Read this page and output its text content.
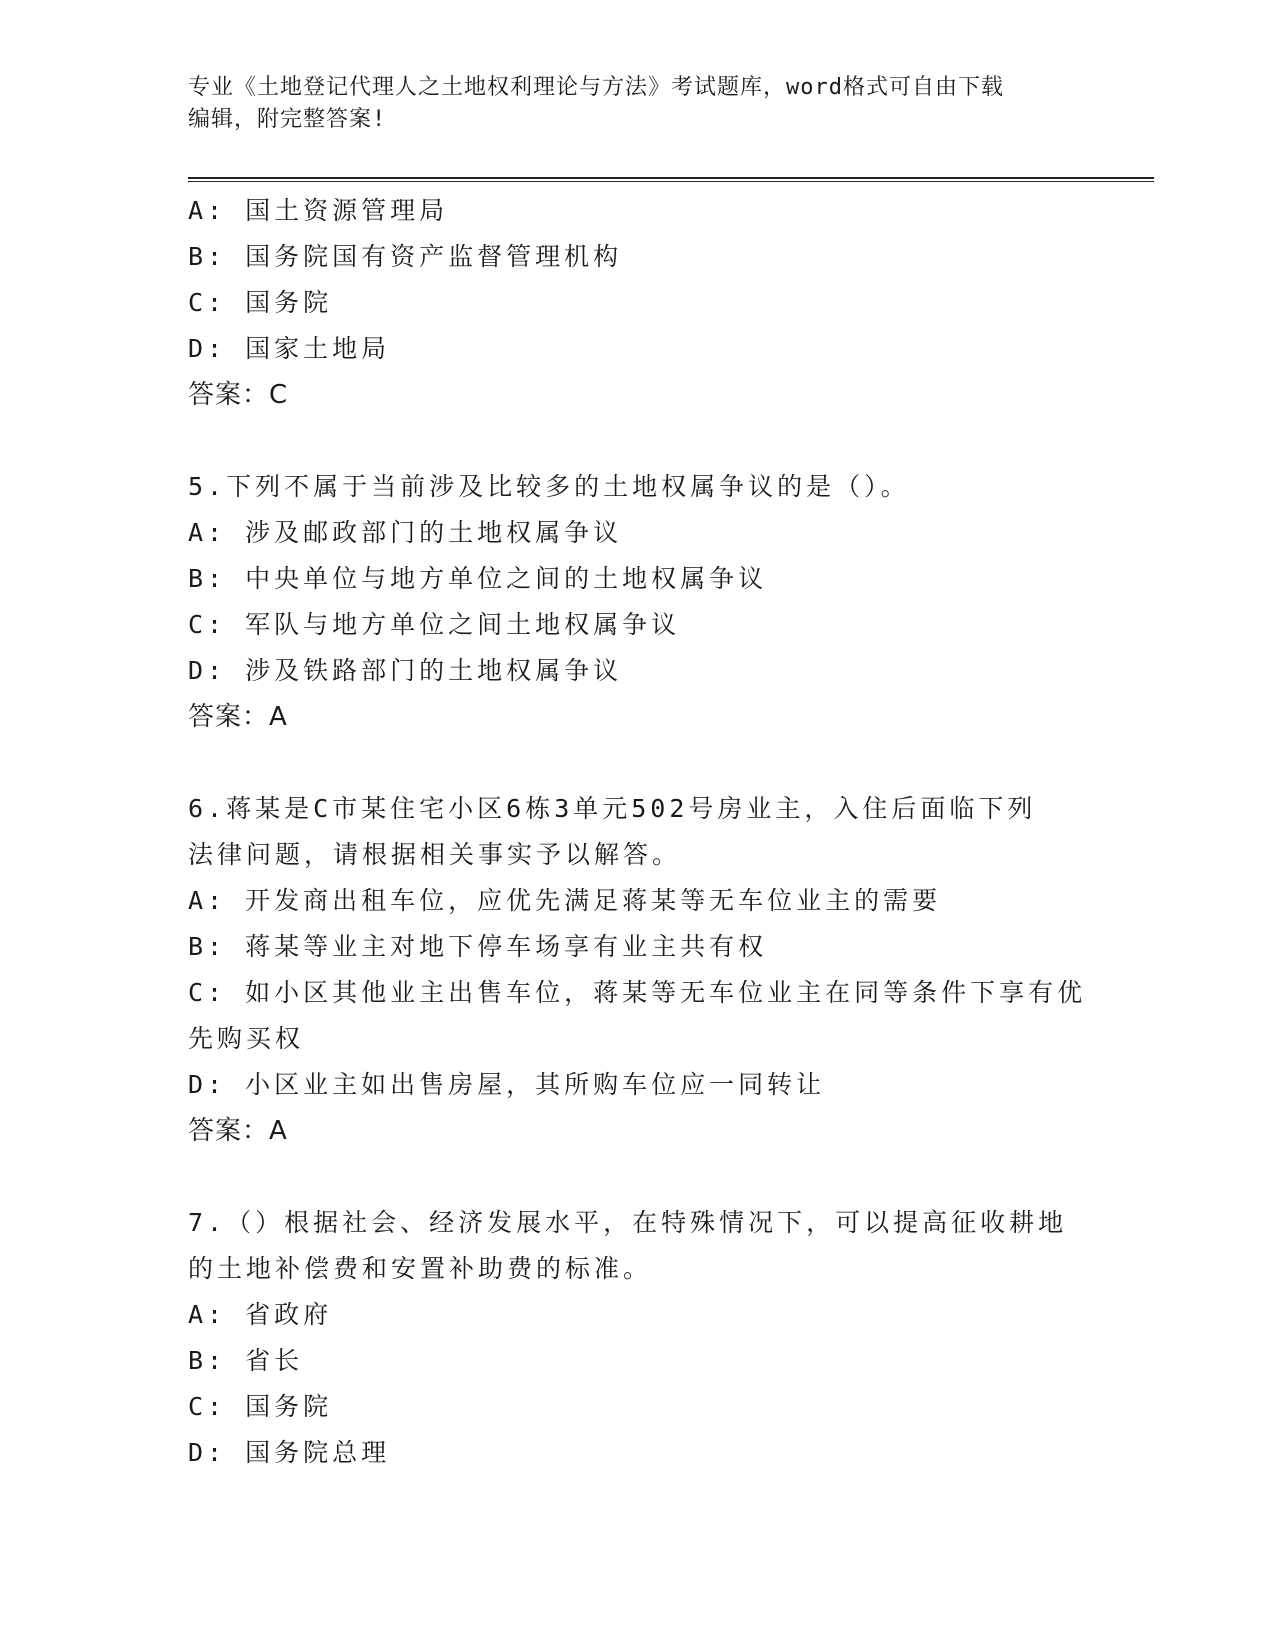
专业《土地登记代理人之土地权利理论与方法》考试题库，word格式可自由下载
编辑，附完整答案!
A: 国土资源管理局
B: 国务院国有资产监督管理机构
C: 国务院
D: 国家土地局
答案：C
5.下列不属于当前涉及比较多的土地权属争议的是（）。
A: 涉及邮政部门的土地权属争议
B: 中央单位与地方单位之间的土地权属争议
C: 军队与地方单位之间土地权属争议
D: 涉及铁路部门的土地权属争议
答案：A
6.蒋某是C市某住宅小区6栋3单元502号房业主，入住后面临下列
法律问题，请根据相关事实予以解答。
A: 开发商出租车位，应优先满足蒋某等无车位业主的需要
B: 蒋某等业主对地下停车场享有业主共有权
C: 如小区其他业主出售车位，蒋某等无车位业主在同等条件下享有优
先购买权
D: 小区业主如出售房屋，其所购车位应一同转让
答案：A
7.（）根据社会、经济发展水平，在特殊情况下，可以提高征收耕地
的土地补偿费和安置补助费的标准。
A: 省政府
B: 省长
C: 国务院
D: 国务院总理
